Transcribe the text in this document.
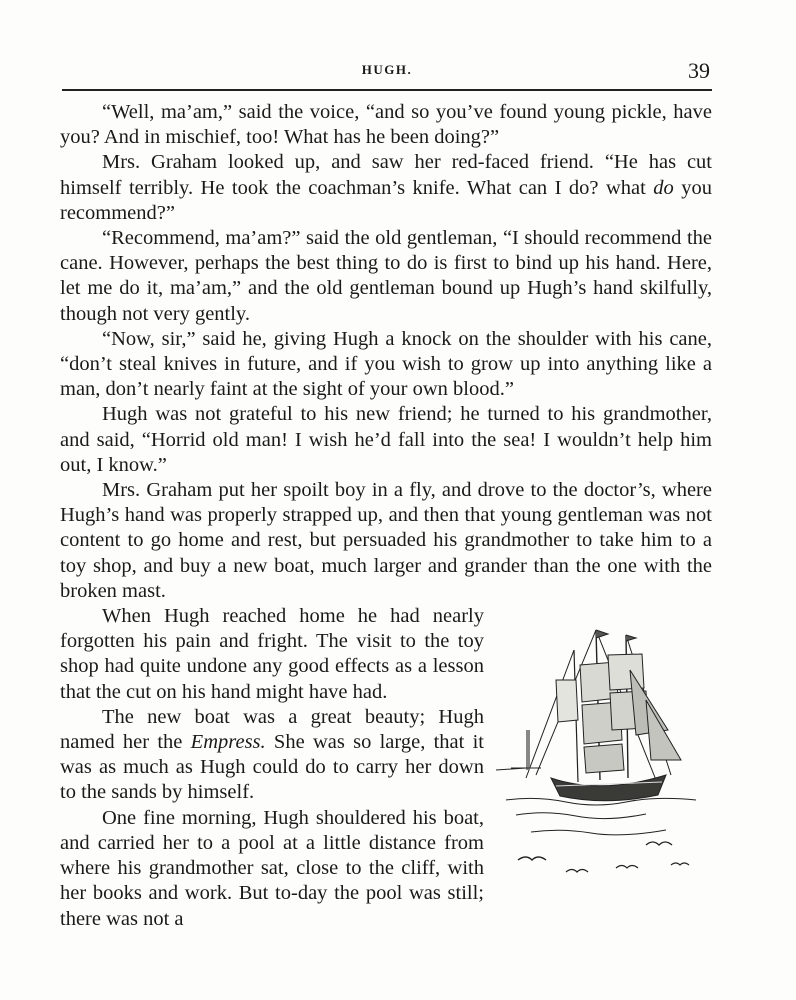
HUGH.	39

“Well, ma’am,” said the voice, “and so you’ve found young pickle, have you? And in mischief, too! What has he been doing?”

Mrs. Graham looked up, and saw her red-faced friend. “He has cut himself terribly. He took the coachman’s knife. What can I do? what do you recommend?”

“Recommend, ma’am?” said the old gentleman, “I should recommend the cane. However, perhaps the best thing to do is first to bind up his hand. Here, let me do it, ma’am,” and the old gentleman bound up Hugh’s hand skilfully, though not very gently.

“Now, sir,” said he, giving Hugh a knock on the shoulder with his cane, “don’t steal knives in future, and if you wish to grow up into anything like a man, don’t nearly faint at the sight of your own blood.”

Hugh was not grateful to his new friend; he turned to his grandmother, and said, “Horrid old man! I wish he’d fall into the sea! I wouldn’t help him out, I know.”

Mrs. Graham put her spoilt boy in a fly, and drove to the doctor’s, where Hugh’s hand was properly strapped up, and then that young gentleman was not content to go home and rest, but persuaded his grandmother to take him to a toy shop, and buy a new boat, much larger and grander than the one with the broken mast.

When Hugh reached home he had nearly forgotten his pain and fright. The visit to the toy shop had quite undone any good effects as a lesson that the cut on his hand might have had.

The new boat was a great beauty; Hugh named her the Empress. She was so large, that it was as much as Hugh could do to carry her down to the sands by himself.

One fine morning, Hugh shouldered his boat, and carried her to a pool at a little distance from where his grandmother sat, close to the cliff, with her books and work. But to-day the pool was still; there was not a
